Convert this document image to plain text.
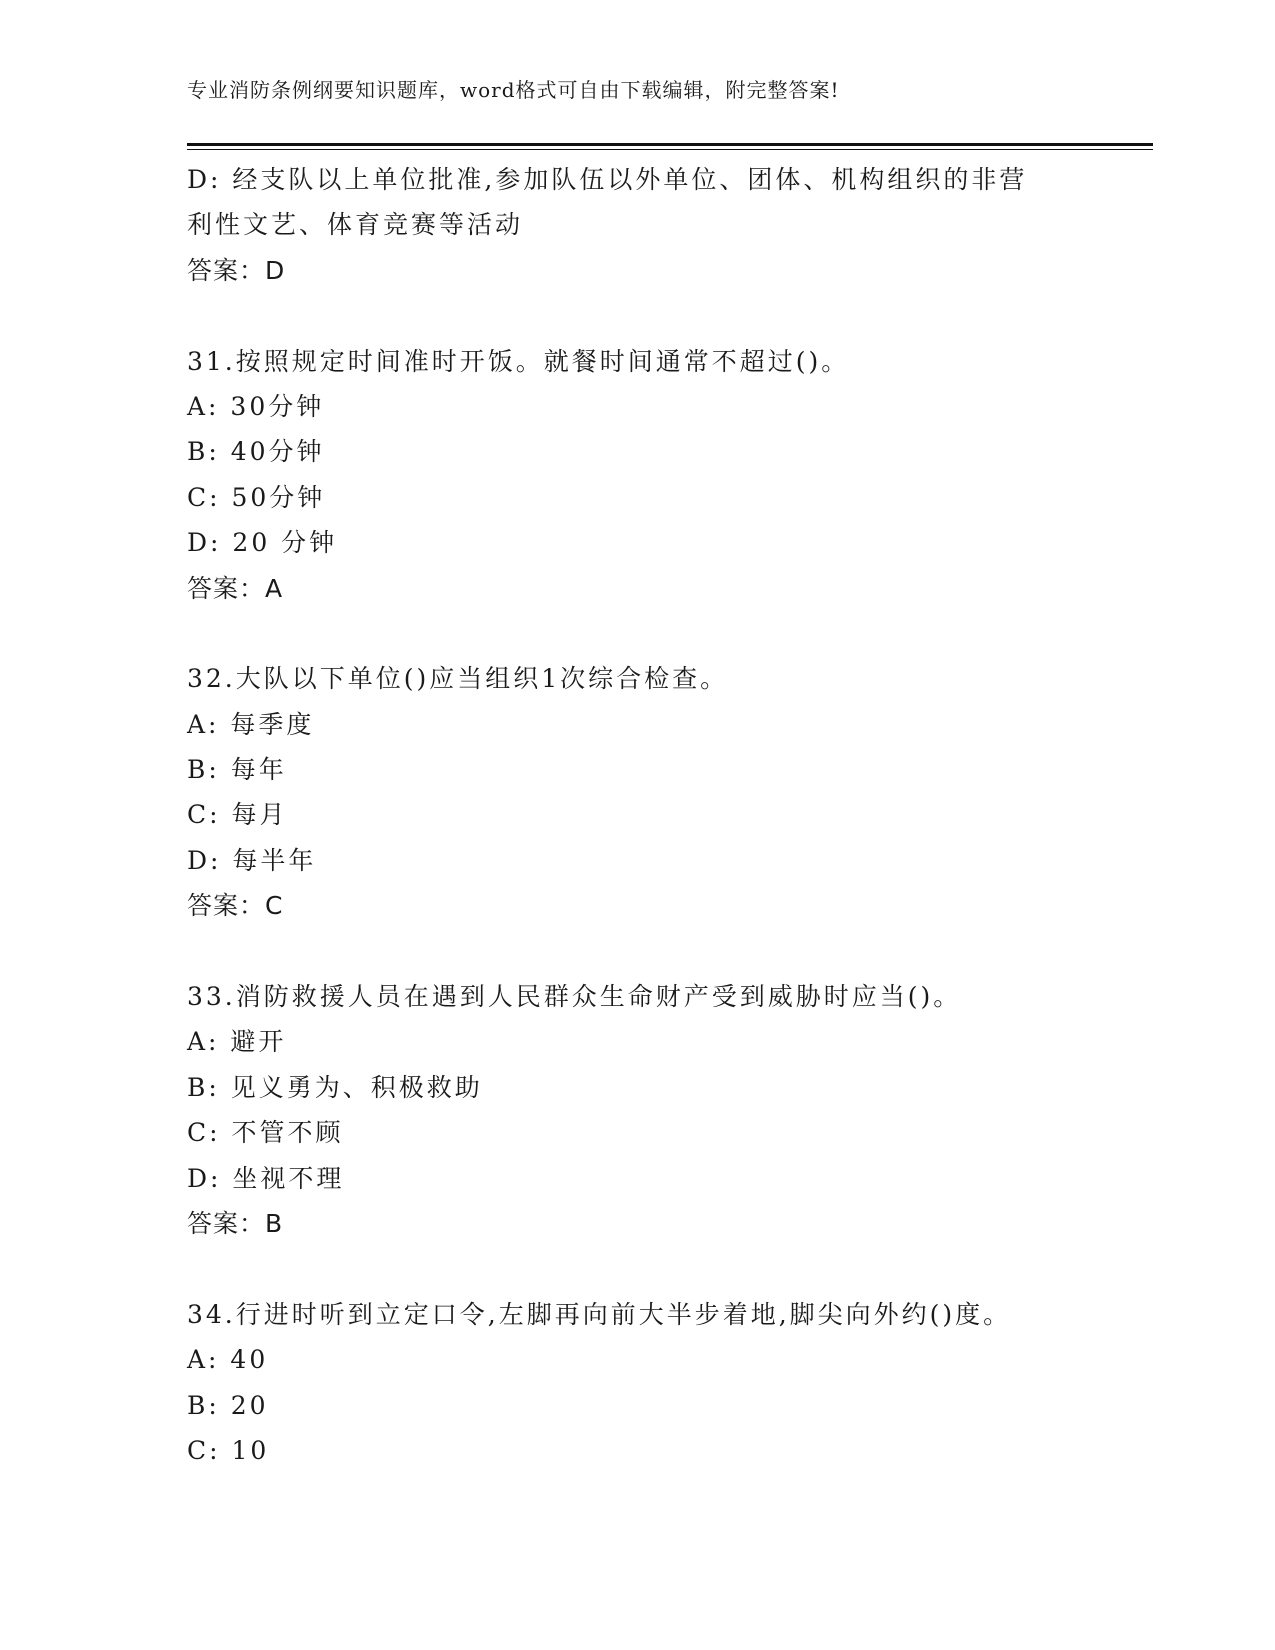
专业消防条例纲要知识题库，word格式可自由下载编辑，附完整答案!
D: 经支队以上单位批准,参加队伍以外单位、团体、机构组织的非营
利性文艺、体育竞赛等活动
答案：D
31.按照规定时间准时开饭。就餐时间通常不超过()。
A: 30分钟
B: 40分钟
C: 50分钟
D: 20 分钟
答案：A
32.大队以下单位()应当组织1次综合检查。
A: 每季度
B: 每年
C: 每月
D: 每半年
答案：C
33.消防救援人员在遇到人民群众生命财产受到威胁时应当()。
A: 避开
B: 见义勇为、积极救助
C: 不管不顾
D: 坐视不理
答案：B
34.行进时听到立定口令,左脚再向前大半步着地,脚尖向外约()度。
A: 40
B: 20
C: 10
